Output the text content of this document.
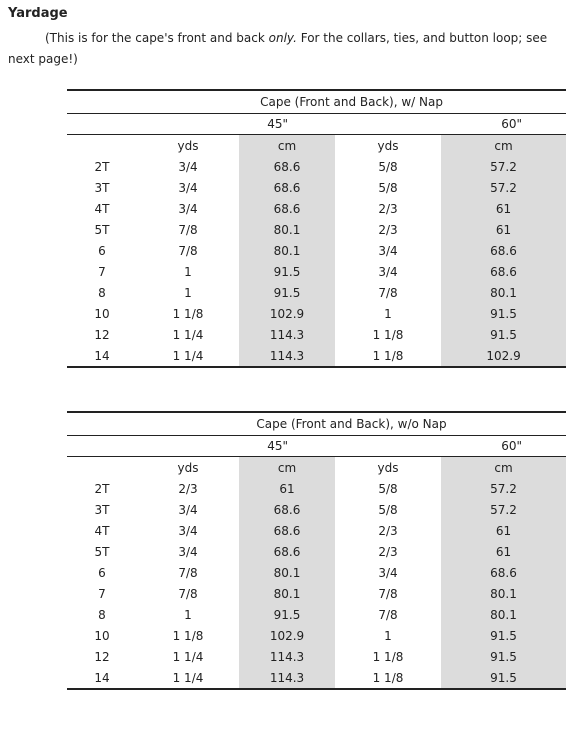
Yardage
(This is for the cape's front and back only. For the collars, ties, and button loop; see next page!)
	Cape (Front and Back), w/ Nap			
	45"		60"	
	yds	cm	yds	cm
2T	3/4	68.6	5/8	57.2
3T	3/4	68.6	5/8	57.2
4T	3/4	68.6	2/3	61
5T	7/8	80.1	2/3	61
6	7/8	80.1	3/4	68.6
7	1	91.5	3/4	68.6
8	1	91.5	7/8	80.1
10	1 1/8	102.9	1	91.5
12	1 1/4	114.3	1 1/8	91.5
14	1 1/4	114.3	1 1/8	102.9
	Cape (Front and Back), w/o Nap			
	45"		60"	
	yds	cm	yds	cm
2T	2/3	61	5/8	57.2
3T	3/4	68.6	5/8	57.2
4T	3/4	68.6	2/3	61
5T	3/4	68.6	2/3	61
6	7/8	80.1	3/4	68.6
7	7/8	80.1	7/8	80.1
8	1	91.5	7/8	80.1
10	1 1/8	102.9	1	91.5
12	1 1/4	114.3	1 1/8	91.5
14	1 1/4	114.3	1 1/8	91.5
